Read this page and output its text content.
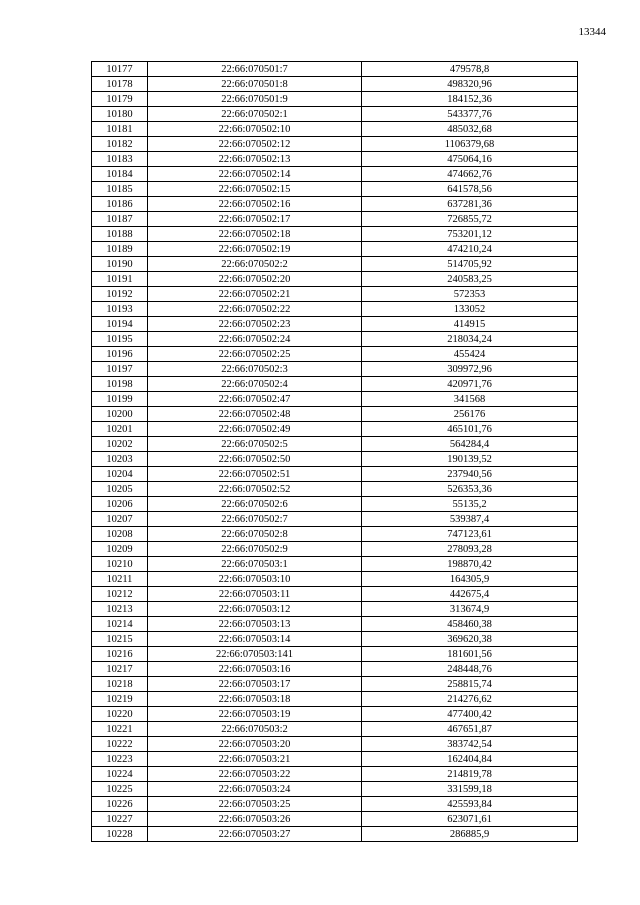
13344
10177	22:66:070501:7	479578,8
10178	22:66:070501:8	498320,96
10179	22:66:070501:9	184152,36
10180	22:66:070502:1	543377,76
10181	22:66:070502:10	485032,68
10182	22:66:070502:12	1106379,68
10183	22:66:070502:13	475064,16
10184	22:66:070502:14	474662,76
10185	22:66:070502:15	641578,56
10186	22:66:070502:16	637281,36
10187	22:66:070502:17	726855,72
10188	22:66:070502:18	753201,12
10189	22:66:070502:19	474210,24
10190	22:66:070502:2	514705,92
10191	22:66:070502:20	240583,25
10192	22:66:070502:21	572353
10193	22:66:070502:22	133052
10194	22:66:070502:23	414915
10195	22:66:070502:24	218034,24
10196	22:66:070502:25	455424
10197	22:66:070502:3	309972,96
10198	22:66:070502:4	420971,76
10199	22:66:070502:47	341568
10200	22:66:070502:48	256176
10201	22:66:070502:49	465101,76
10202	22:66:070502:5	564284,4
10203	22:66:070502:50	190139,52
10204	22:66:070502:51	237940,56
10205	22:66:070502:52	526353,36
10206	22:66:070502:6	55135,2
10207	22:66:070502:7	539387,4
10208	22:66:070502:8	747123,61
10209	22:66:070502:9	278093,28
10210	22:66:070503:1	198870,42
10211	22:66:070503:10	164305,9
10212	22:66:070503:11	442675,4
10213	22:66:070503:12	313674,9
10214	22:66:070503:13	458460,38
10215	22:66:070503:14	369620,38
10216	22:66:070503:141	181601,56
10217	22:66:070503:16	248448,76
10218	22:66:070503:17	258815,74
10219	22:66:070503:18	214276,62
10220	22:66:070503:19	477400,42
10221	22:66:070503:2	467651,87
10222	22:66:070503:20	383742,54
10223	22:66:070503:21	162404,84
10224	22:66:070503:22	214819,78
10225	22:66:070503:24	331599,18
10226	22:66:070503:25	425593,84
10227	22:66:070503:26	623071,61
10228	22:66:070503:27	286885,9
